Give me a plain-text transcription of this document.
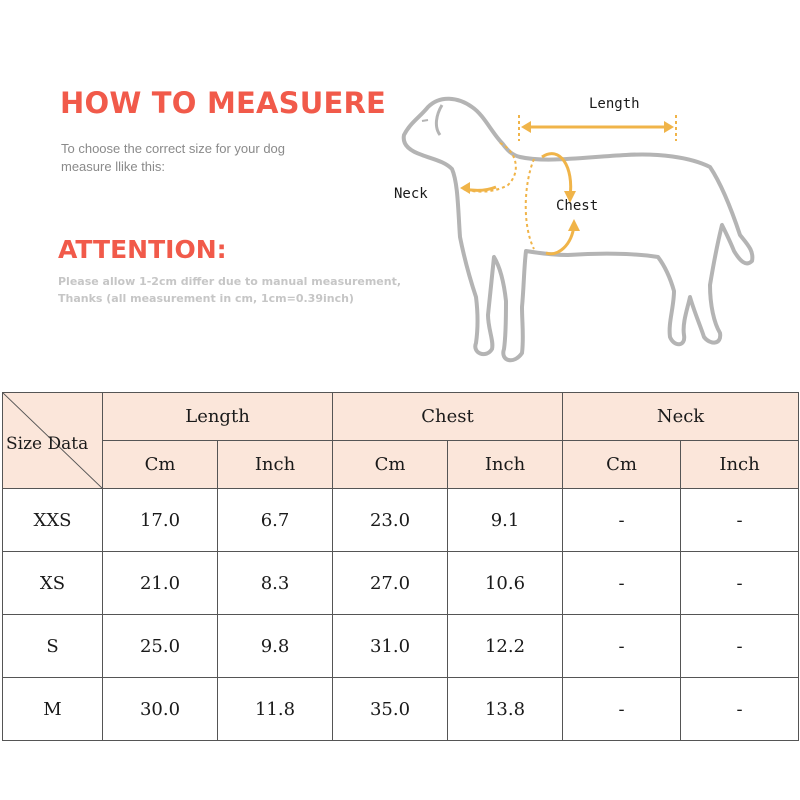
HOW TO MEASUERE
To choose the correct size for your dog
measure llike this:
ATTENTION:
Please allow 1-2cm differ due to manual measurement,
Thanks (all measurement in cm, 1cm=0.39inch)
Length
Neck
Chest
Size Data	Length		Chest		Neck	
	Cm	Inch	Cm	Inch	Cm	Inch
XXS	17.0	6.7	23.0	9.1	-	-
XS	21.0	8.3	27.0	10.6	-	-
S	25.0	9.8	31.0	12.2	-	-
M	30.0	11.8	35.0	13.8	-	-
